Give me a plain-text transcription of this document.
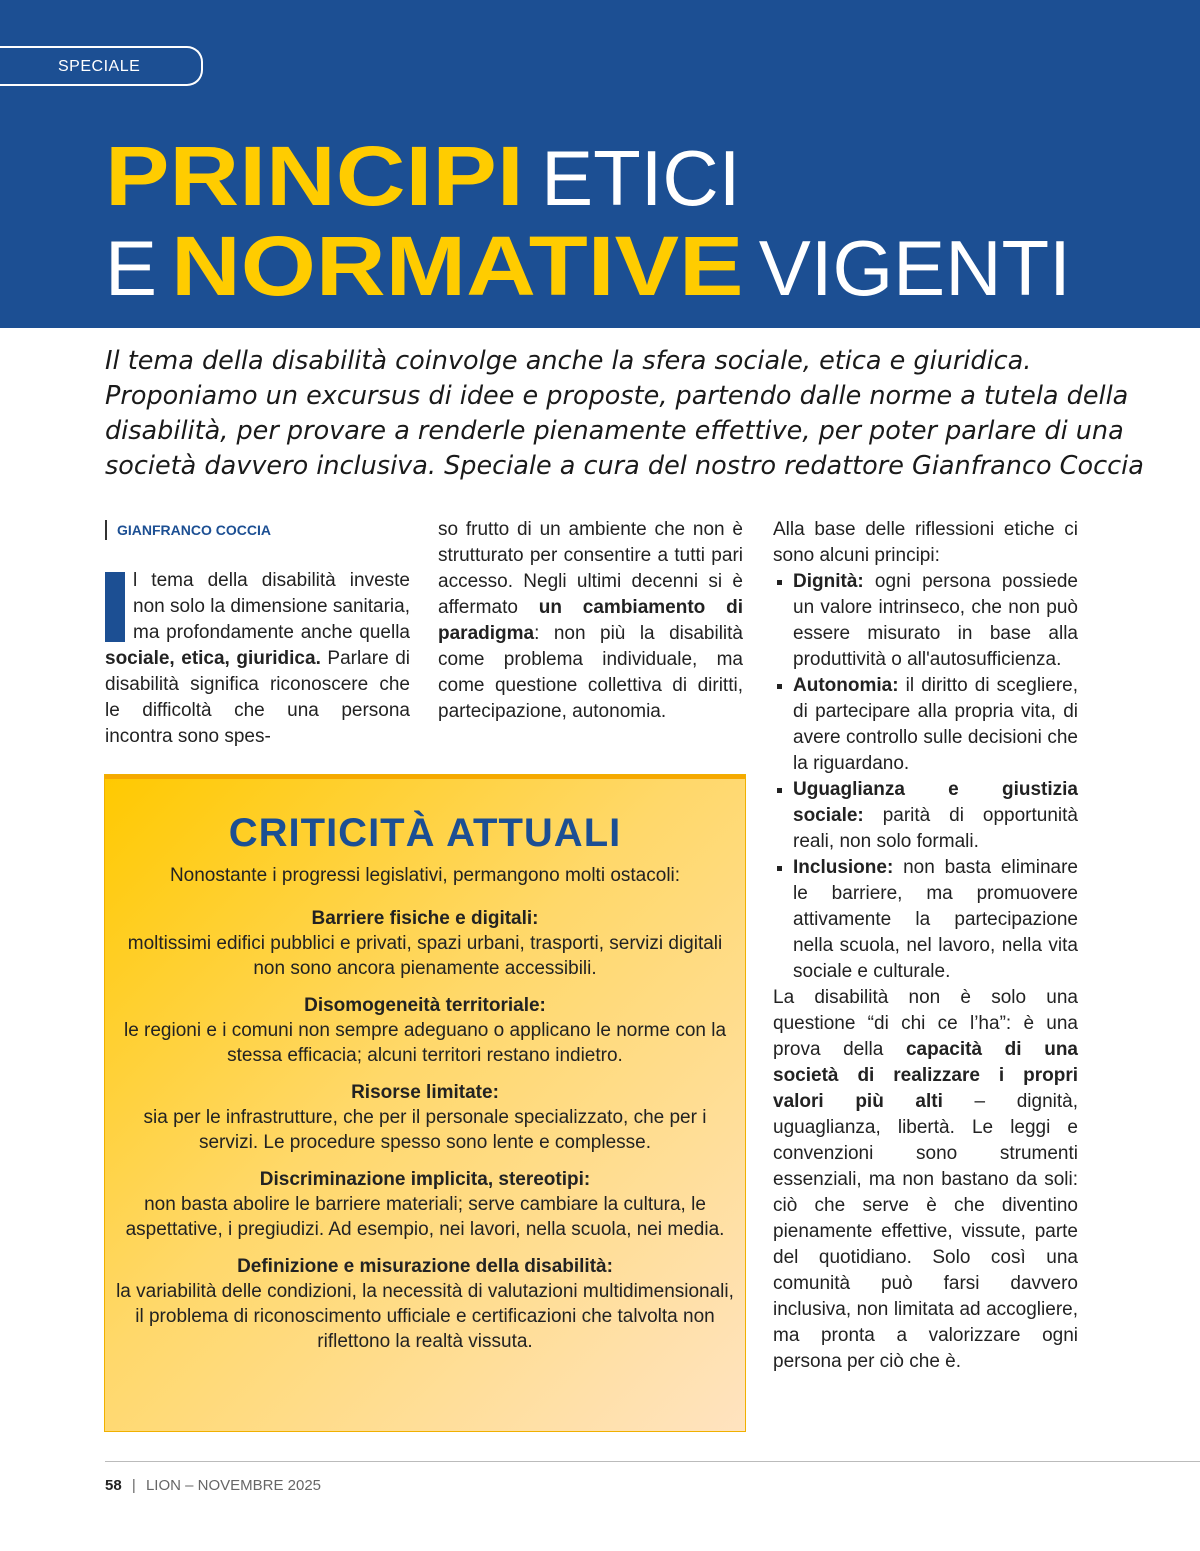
SPECIALE
PRINCIPI ETICI
E NORMATIVE VIGENTI

Il tema della disabilità coinvolge anche la sfera sociale, etica e giuridica.

Proponiamo un excursus di idee e proposte, partendo dalle norme a tutela della

disabilità, per provare a renderle pienamente effettive, per poter parlare di una

società davvero inclusiva. Speciale a cura del nostro redattore Gianfranco Coccia

GIANFRANCO COCCIA

l tema della disabilità investe non solo la dimensione sanitaria, ma profondamente anche quella sociale, etica, giuridica. Parlare di disabilità significa riconoscere che le difficoltà che una persona incontra sono spes-

so frutto di un ambiente che non è strutturato per consentire a tutti pari accesso. Negli ultimi decenni si è affermato un cambiamento di paradigma: non più la disabilità come problema individuale, ma come questione collettiva di diritti, partecipazione, autonomia.

CRITICITÀ ATTUALI

Nonostante i progressi legislativi, permangono molti ostacoli:

Barriere fisiche e digitali:
moltissimi edifici pubblici e privati, spazi urbani, trasporti, servizi digitali non sono ancora pienamente accessibili.

Disomogeneità territoriale:
le regioni e i comuni non sempre adeguano o applicano le norme con la stessa efficacia; alcuni territori restano indietro.

Risorse limitate:
sia per le infrastrutture, che per il personale specializzato, che per i servizi. Le procedure spesso sono lente e complesse.

Discriminazione implicita, stereotipi:
non basta abolire le barriere materiali; serve cambiare la cultura, le aspettative, i pregiudizi. Ad esempio, nei lavori, nella scuola, nei media.

Definizione e misurazione della disabilità:
la variabilità delle condizioni, la necessità di valutazioni multidimensionali, il problema di riconoscimento ufficiale e certificazioni che talvolta non riflettono la realtà vissuta.

Alla base delle riflessioni etiche ci sono alcuni principi:

Dignità: ogni persona possiede un valore intrinseco, che non può essere misurato in base alla produttività o all'autosufficienza.
Autonomia: il diritto di scegliere, di partecipare alla propria vita, di avere controllo sulle decisioni che la riguardano.
Uguaglianza e giustizia sociale: parità di opportunità reali, non solo formali.
Inclusione: non basta eliminare le barriere, ma promuovere attivamente la partecipazione nella scuola, nel lavoro, nella vita sociale e culturale.

La disabilità non è solo una questione “di chi ce l’ha”: è una prova della capacità di una società di realizzare i propri valori più alti – dignità, uguaglianza, libertà. Le leggi e convenzioni sono strumenti essenziali, ma non bastano da soli: ciò che serve è che diventino pienamente effettive, vissute, parte del quotidiano. Solo così una comunità può farsi davvero inclusiva, non limitata ad accogliere, ma pronta a valorizzare ogni persona per ciò che è.

58 | LION – NOVEMBRE 2025
